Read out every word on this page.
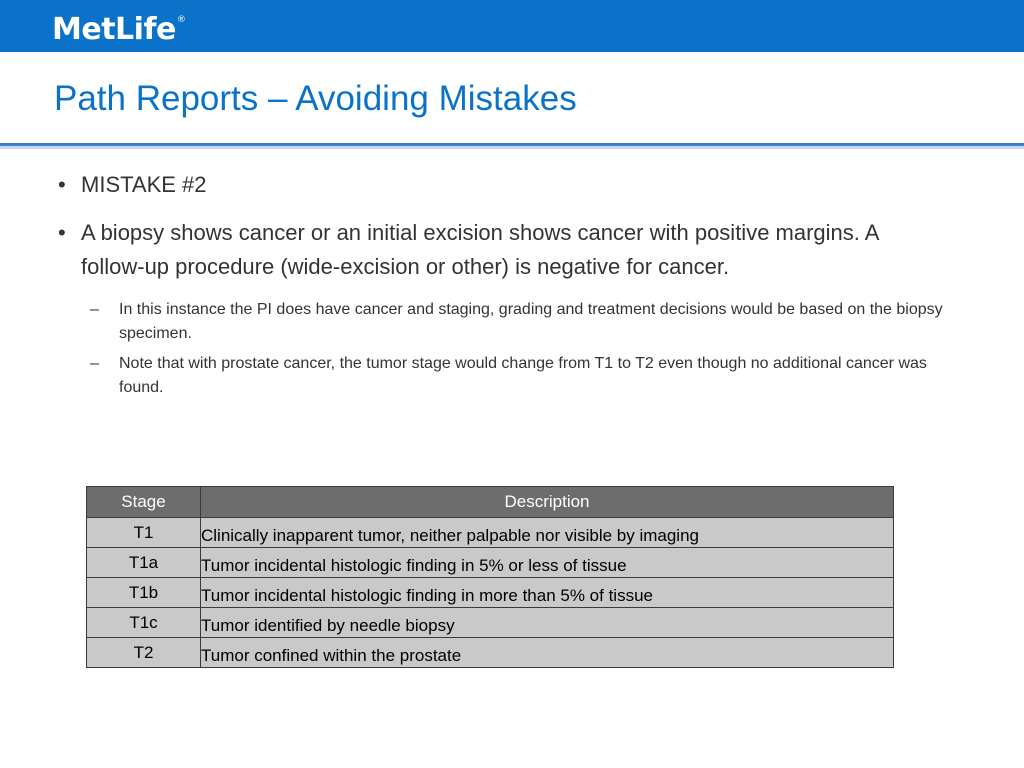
MetLife®
Path Reports – Avoiding Mistakes

• MISTAKE #2

• A biopsy shows cancer or an initial excision shows cancer with positive margins. A follow-up procedure (wide-excision or other) is negative for cancer.

– In this instance the PI does have cancer and staging, grading and treatment decisions would be based on the biopsy specimen.

– Note that with prostate cancer, the tumor stage would change from T1 to T2 even though no additional cancer was found.

Stage	Description
T1	Clinically inapparent tumor, neither palpable nor visible by imaging
T1a	Tumor incidental histologic finding in 5% or less of tissue
T1b	Tumor incidental histologic finding in more than 5% of tissue
T1c	Tumor identified by needle biopsy
T2	Tumor confined within the prostate
